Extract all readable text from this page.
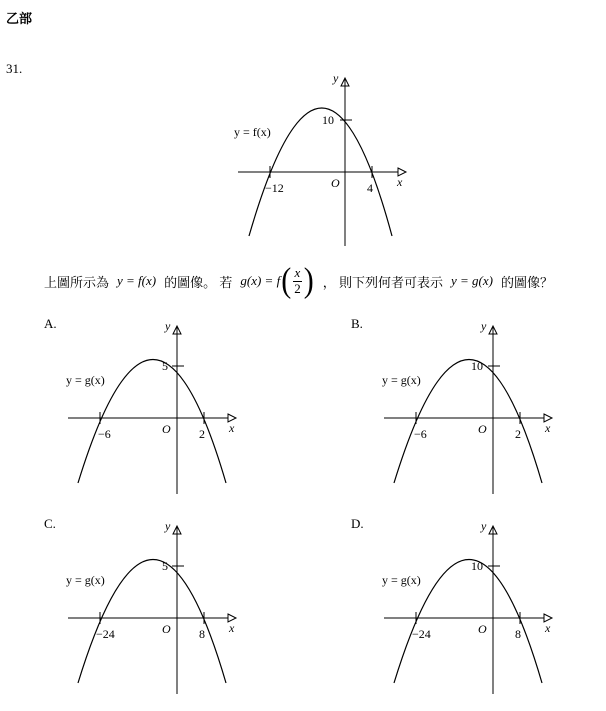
乙部
31.
y
x
O
10
−12	4
y = f(x)
上圖所示為 y = f(x) 的圖像。 若 g(x) = f ( $\frac{x}{2}$ ) ， 則下列何者可表示 y = g(x) 的圖像？
A.	B.
C.	D.
y
x
O
5
−6	2
y = g(x)
y
x
O
10
−6	2
y = g(x)
y
x
O
5
−24	8
y = g(x)
y
x
O
10
−24	8
y = g(x)
